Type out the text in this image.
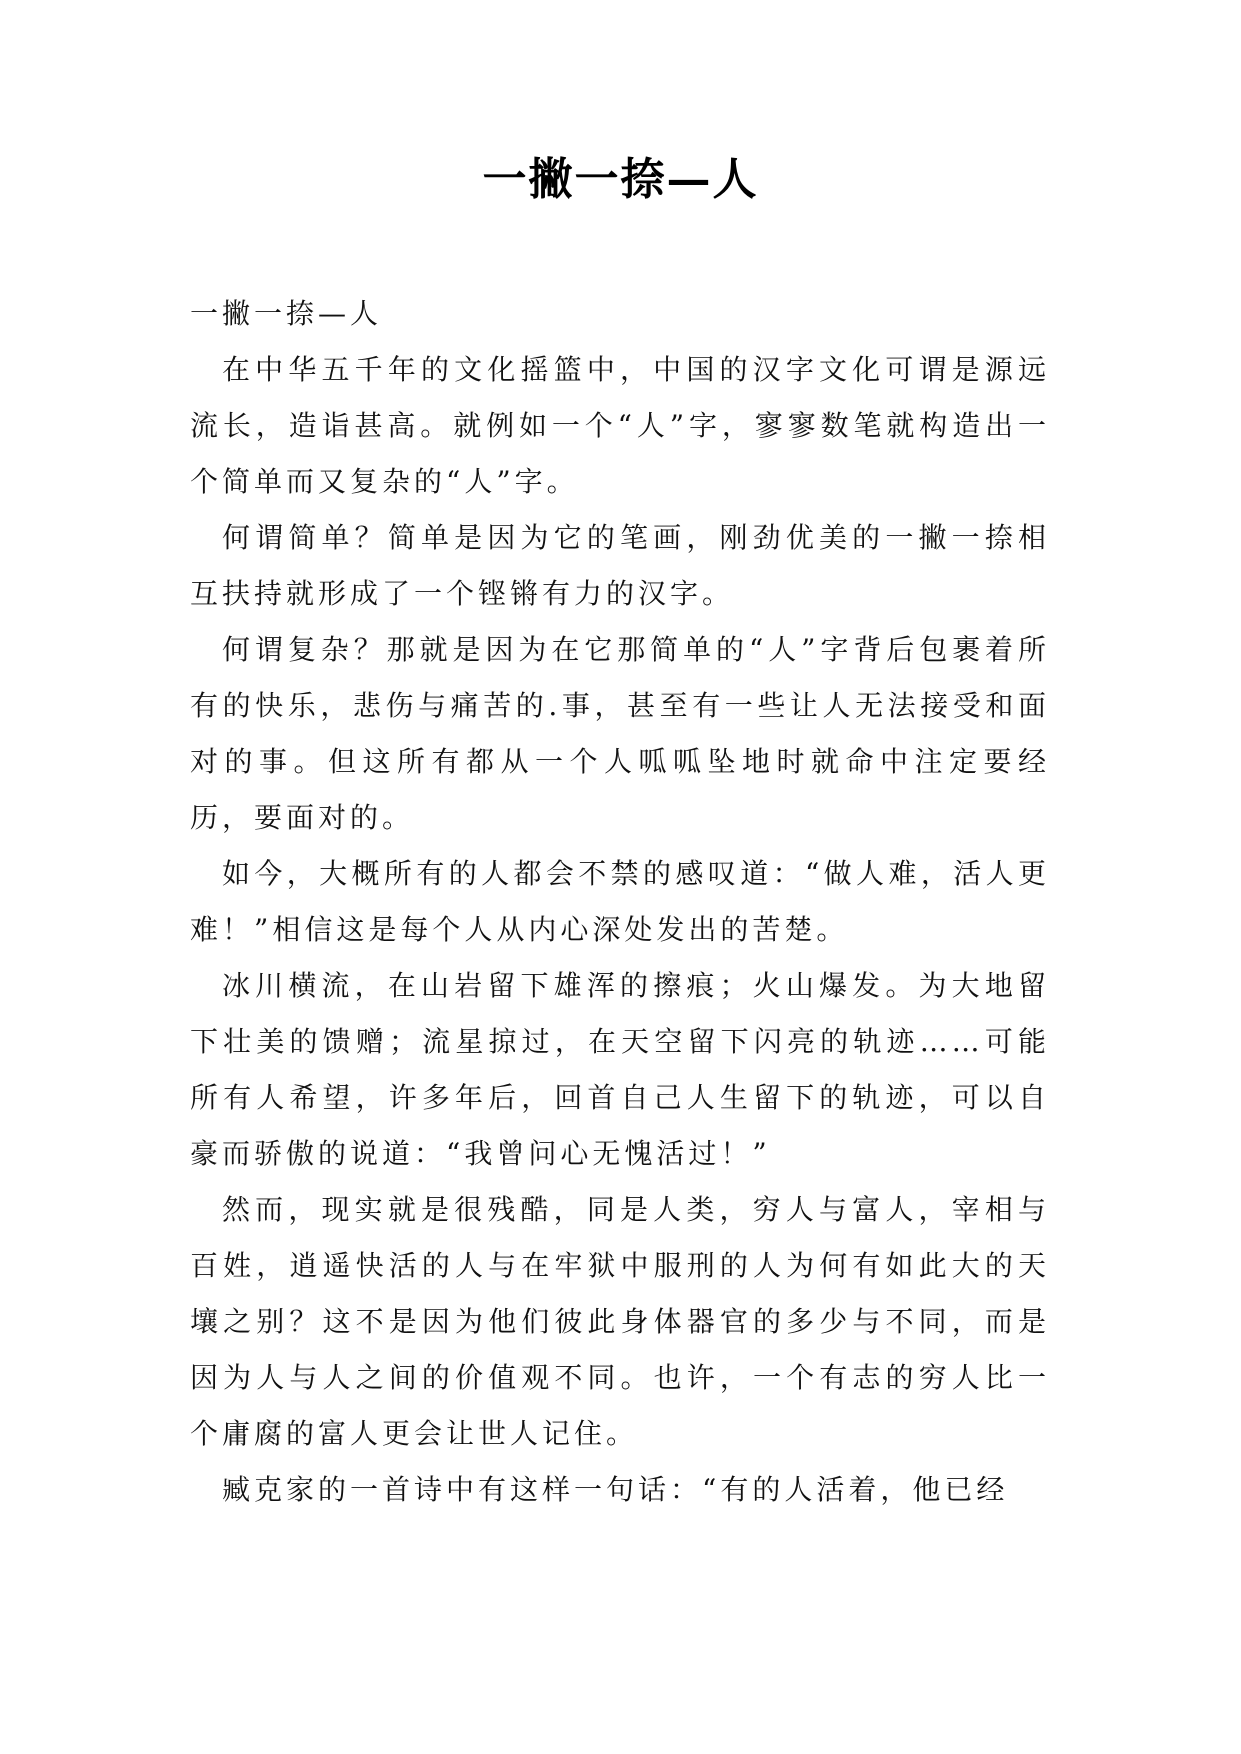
一撇一捺—人

一撇一捺—人

在中华五千年的文化摇篮中，中国的汉字文化可谓是源远流长，造诣甚高。就例如一个“人”字，寥寥数笔就构造出一个简单而又复杂的“人”字。

何谓简单？简单是因为它的笔画，刚劲优美的一撇一捺相互扶持就形成了一个铿锵有力的汉字。

何谓复杂？那就是因为在它那简单的“人”字背后包裹着所有的快乐，悲伤与痛苦的.事，甚至有一些让人无法接受和面对的事。但这所有都从一个人呱呱坠地时就命中注定要经历，要面对的。

如今，大概所有的人都会不禁的感叹道：“做人难，活人更难！”相信这是每个人从内心深处发出的苦楚。

冰川横流，在山岩留下雄浑的擦痕；火山爆发。为大地留下壮美的馈赠；流星掠过，在天空留下闪亮的轨迹……可能所有人希望，许多年后，回首自己人生留下的轨迹，可以自豪而骄傲的说道：“我曾问心无愧活过！”

然而，现实就是很残酷，同是人类，穷人与富人，宰相与百姓，逍遥快活的人与在牢狱中服刑的人为何有如此大的天壤之别？这不是因为他们彼此身体器官的多少与不同，而是因为人与人之间的价值观不同。也许，一个有志的穷人比一个庸腐的富人更会让世人记住。

臧克家的一首诗中有这样一句话：“有的人活着，他已经
